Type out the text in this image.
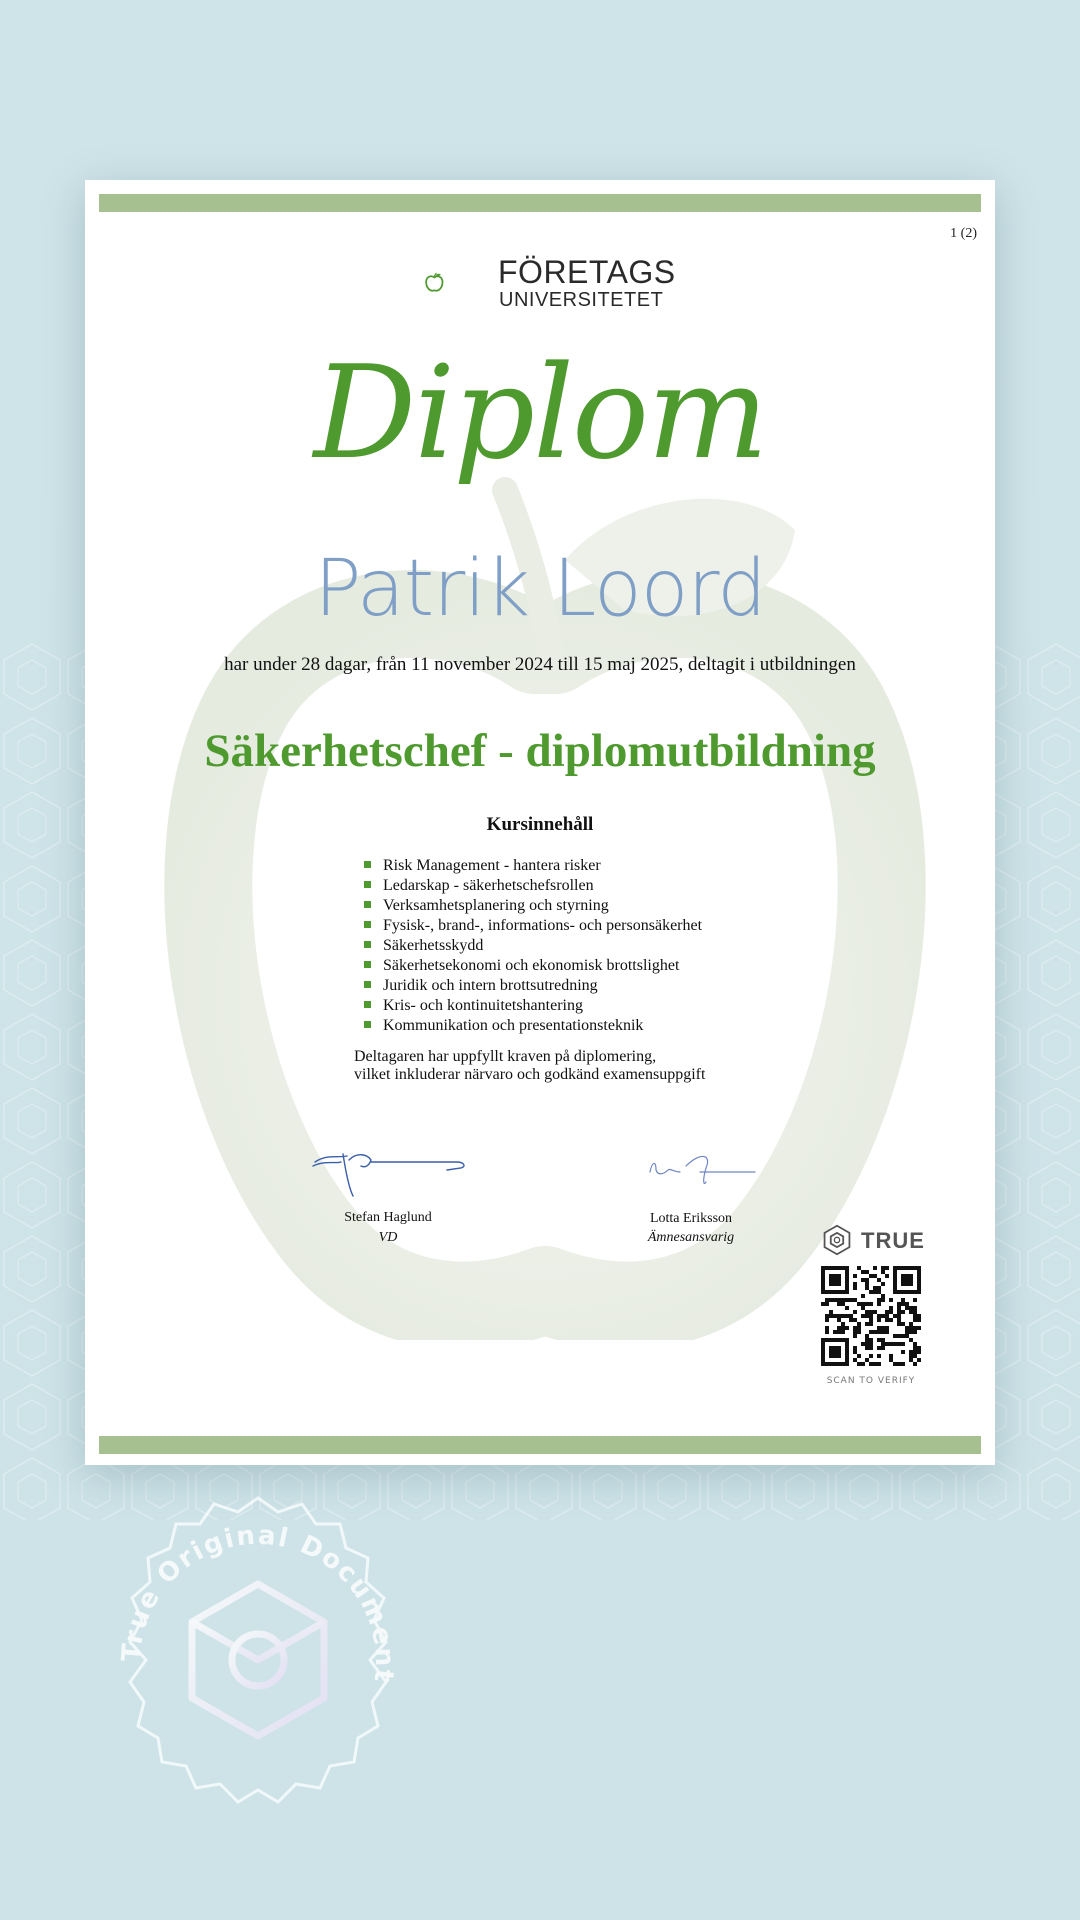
1 (2)
FÖRETAGS
UNIVERSITETET
Diplom
Patrik Loord
har under 28 dagar, från 11 november 2024 till 15 maj 2025, deltagit i utbildningen
Säkerhetschef - diplomutbildning
Kursinnehåll
Risk Management - hantera risker
Ledarskap - säkerhetschefsrollen
Verksamhetsplanering och styrning
Fysisk-, brand-, informations- och personsäkerhet
Säkerhetsskydd
Säkerhetsekonomi och ekonomisk brottslighet
Juridik och intern brottsutredning
Kris- och kontinuitetshantering
Kommunikation och presentationsteknik
Deltagaren har uppfyllt kraven på diplomering,
vilket inkluderar närvaro och godkänd examensuppgift
Stefan Haglund
VD
Lotta Eriksson
Ämnesansvarig	TRUE
SCAN TO VERIFY
True Original Document
